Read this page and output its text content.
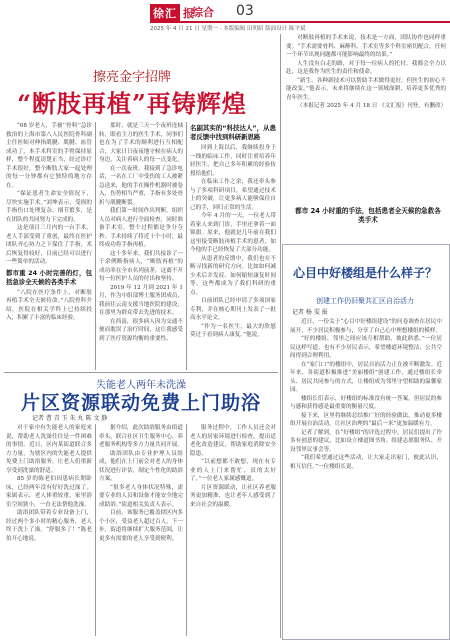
徐汇 报
综合 03
2025 年 4 月 21 日 星期一 · 本版编辑 田明昭 版面设计 陈平斌
擦亮金字招牌
“断肢再植”再铸辉煌

“68 岁老人，手被‘‘骨料’’急诊救治的上海市第八人民医院骨科副主任医师对伸指肌腱、肌腱、血管成功了，本手术科室的手臂保持原样，整个程度清楚正当，经过诊疗手术很好，整个断肢大家一起处理的每一分钟都有它独特的地方存在。

“保证患者生命安全情况下，尽快实施手术。”刘坤表示，受损的手指伤口处理复杂、细节繁多，是在团队的共同努力下完成的。

这是项目三月内的一台手术，老人手部受到了重创，最终在医护团队齐心协力之下保住了手指，术后恢复得较好，目前已经可以进行一些简单的活动。

都市重 24 小时完善的灯，包括急诊全天候的各类手术

“八院在医疗条件上，对断肢再植手术全天候待命。”八院骨科介绍，医院在相关学科上已持续投入，积累了丰富的临床经验。

那时，就是三天一个夜班连轴转，眼看主刀的医生手术，同事们也在为了手术的顺利进行互相配合，大家日日夜夜地守候在病人的身边，关注着病人的每一点变化。

在一次夜班，我接到了急诊电话，一名在工厂中受伤的工人被紧急送来，他的手在操作机器时被卷入，伤势相当严重，手指有多处骨折与肌腱断裂。

我们第一时间作出判断，组织人员对病人进行全面检查，同时准备手术室，整个过程都是争分夺秒。手术持续了将近十个小时，最终成功将手指再植。

这十多年来，我们共接诊了一千余例断指病人，“断肢再植”的成功率在全市名列前茅，这离不开每一位医护人员的付出和坚持。

2019 年 12 月到 2021 年 1 月，作为中组部博士服务团成员，我前往云南支援当地医院的建设，在那里为群众带去先进的技术。

在西南，很多病人因为交通不便而耽误了治疗时间，这让我感受到了医疗资源均衡的重要性。

名副其实的“科技达人”，从患者反馈中找到科研新思路

回到上海以后，我继续投身于一线的临床工作，同时注重培养年轻医生，把自己多年积累的经验传授给他们。

在临床工作之余，我还牵头参与了多项科研项目，希望通过技术上的突破，让更多病人能够保住自己的手，回归正常的生活。

今年 4 月的一天，一位老人带着家人来到门诊，手里还拿着一面锦旗。原来，他就是几年前在我们这里接受断肢再植手术的患者，如今他的手已经恢复了大部分功能。

从患者的反馈中，我们也在不断寻找新的研究方向。比如如何减少术后并发症、如何缩短康复时间等，这些都成为了我们科研的重点。

目前团队已经申请了多项国家专利，并在核心期刊上发表了一批高水平论文。

“作为一名医生，最大的欣慰莫过于看到病人康复。”他说。

对断肢再植的手术来说，技术是一方面，团队协作也同样重要。“手术需要骨科、麻醉科、手术室等多个科室密切配合，任何一个环节出现问题都可能影响最终的结果。”

人生没有白走的路，对于每一位病人的托付，我都会全力以赴，这是我作为医生的责任和使命。

“新生，各种新技术可以帮助手术做得更好，但医生的初心不能改变。”他表示，未来将继续在这一领域深耕，培养更多优秀的青年医生。

（本报记者 2025 年 4 月 18 日 《文汇报》刊登，有删改）

都市 24 小时重的手法，包括患者全天候的急救各类手术
心目中好楼组是什么样子？
创建工作仍旧聚共汇区自治活力
记者 杨 雯 报

近日，一份关于“心目中好楼组建设”的问卷调查在居民中展开，不少居民积极参与，分享了自己心中理想楼组的模样。

“好的楼组，邻里之间应该互相帮助、彼此熟悉。”一位居民这样写道。也有不少居民表示，希望楼道环境整洁、公共空间得到合理利用。

在“家门口”的楼组中，居民自治活力正在被不断激发。近年来，各街道积极推进“美丽楼组”创建工作，通过楼组长牵头、居民共同参与的方式，让楼组成为邻里守望相助的温馨家园。

楼组长们表示，好楼组的标准没有统一答案，但居民的参与感和获得感是最重要的衡量尺度。

接下来，区里将继续总结推广好的经验做法，推动更多楼组开展自治活动，让社区治理的“最后一米”更加温暖有力。

记者了解到，在“好楼组”的评选过程中，居民们提出了许多有创意的建议，比如设立楼道图书角、组建志愿服务队、开设邻里议事会等。

“我们希望通过这些活动，让大家走出家门，彼此认识、相互信任。”一位楼组长说。

失能老人两年未洗澡
片区资源联动免费上门助浴
记者 曹 青 玉 朱 丸 陈 文 静

对于家中有失能老人的家庭来说，帮助老人洗澡往往是一件困难的事情。近日，区内某街道联合多方力量，为辖区内的失能老人提供免费上门助浴服务，让老人们重新享受到洗澡的舒适。

85 岁的陈老伯因患病长期卧床，已经两年没有好好洗过澡了。家属表示，老人体重较重，家里浴室空间狭小，一直无法帮他洗澡。

助浴团队带着专业设备上门，经过两个多小时的精心服务，老人终于洗上了澡。“舒服多了！”陈老伯开心地说。

据介绍，此次助浴服务由街道牵头，联合社区卫生服务中心、养老服务机构等多方力量共同开展。

助浴团队由专业护理人员组成，他们在上门前会对老人的身体状况进行评估，制定个性化的助浴方案。

“很多老人身体状况特殊，需要专业的人员和设备才能安全地完成助浴。”街道相关负责人表示。

目前，该服务已覆盖辖区内多个小区，受益老人超过百人。下一步，街道将继续扩大服务范围，让更多有需要的老人享受到便利。

服务过程中，工作人员还会对老人的居家环境进行检查，提出适老化改造建议，帮助家庭消除安全隐患。

“以前想都不敢想，现在有专业的人上门来帮忙，真的太好了。”一位老人家属感慨道。

片区资源联动，让社区养老服务更加精准，也让老年人感受到了来自社会的温暖。
